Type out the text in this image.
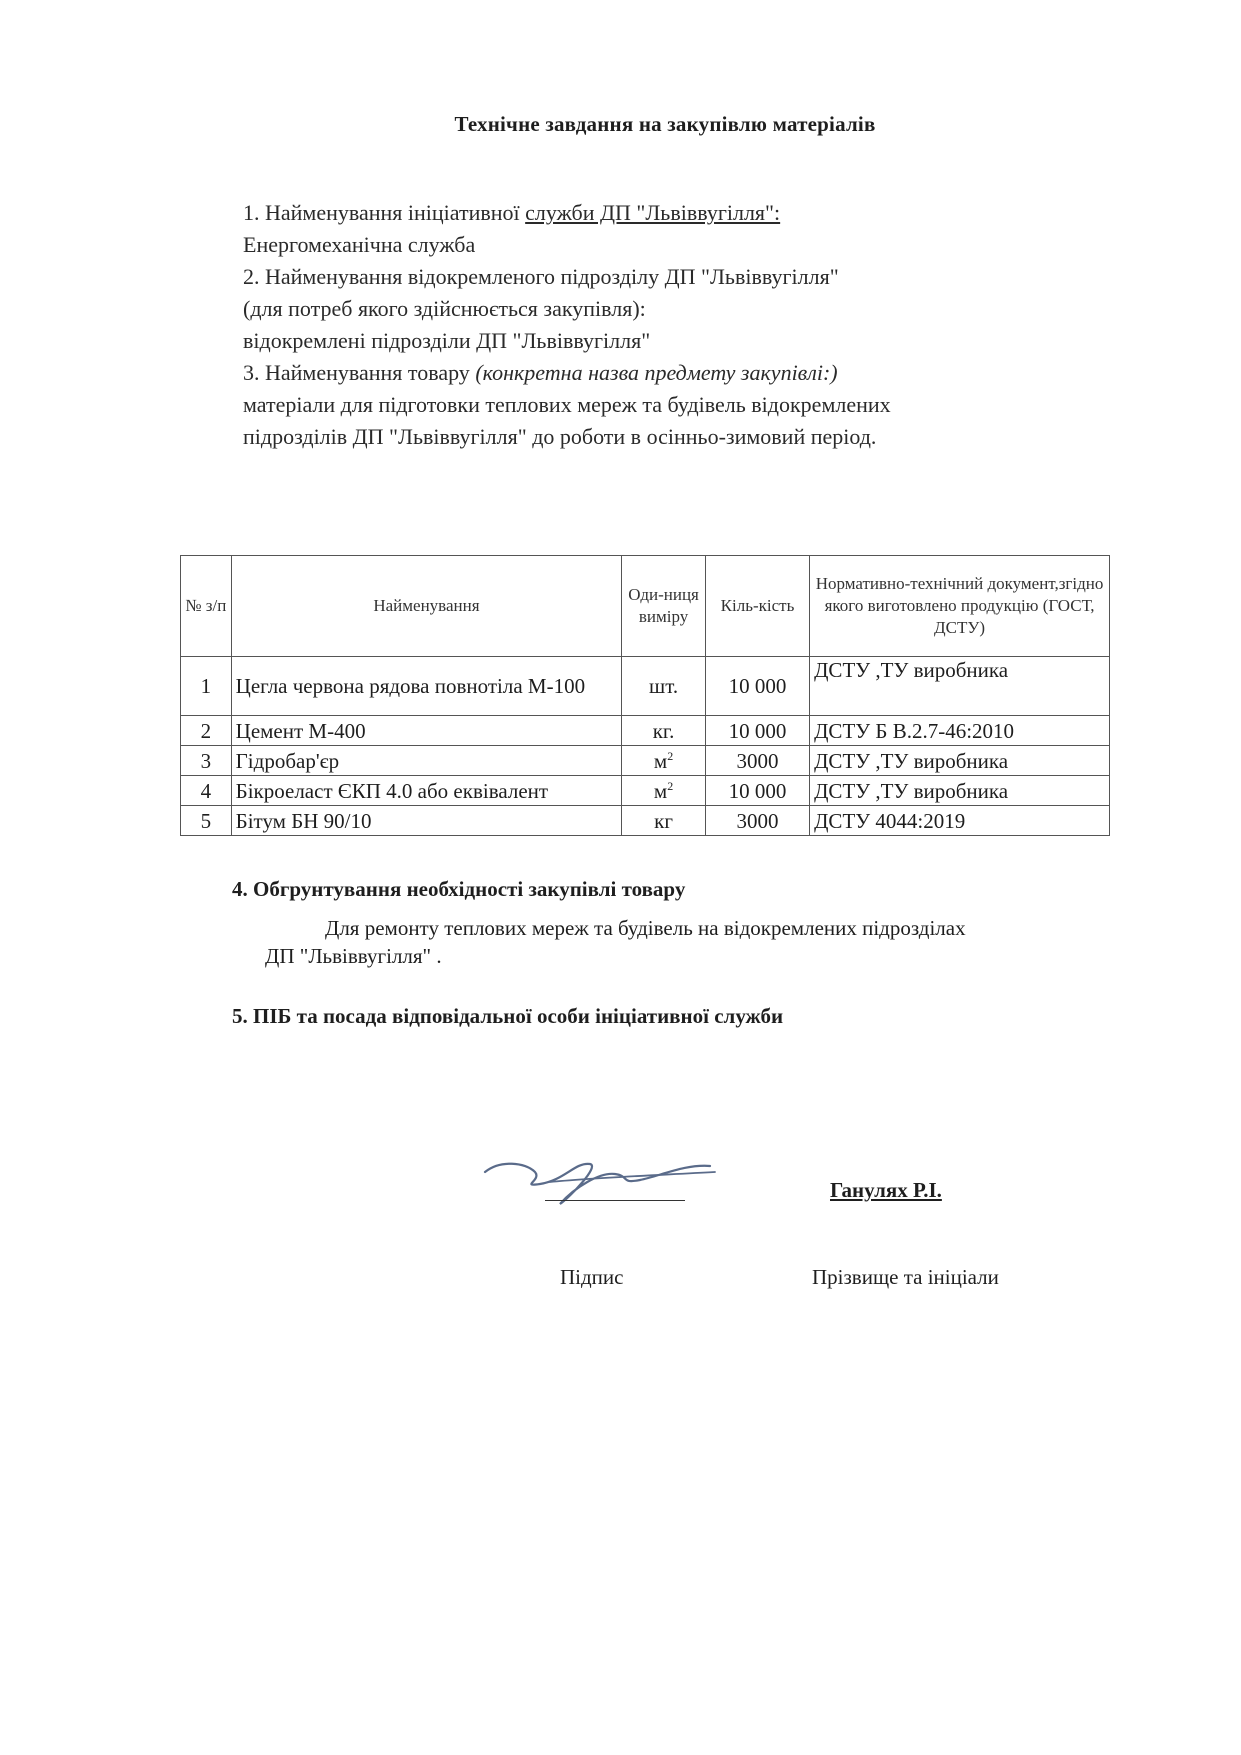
Технічне завдання на закупівлю матеріалів
1. Найменування ініціативної служби ДП "Львіввугілля":
Енергомеханічна служба
2. Найменування відокремленого підрозділу ДП "Львіввугілля"
(для потреб якого здійснюється закупівля):
відокремлені підрозділи ДП "Львіввугілля"
3. Найменування товару (конкретна назва предмету закупівлі:)
матеріали для підготовки теплових мереж та будівель відокремлених
підрозділів ДП "Львіввугілля" до роботи в осінньо-зимовий період.
№ з/п	Найменування	Оди-ниця виміру	Кіль-кість	Нормативно-технічний документ,згідно якого виготовлено продукцію (ГОСТ, ДСТУ)
1	Цегла червона рядова повнотіла М-100	шт.	10 000	ДСТУ ,ТУ виробника
2	Цемент М-400	кг.	10 000	ДСТУ Б В.2.7-46:2010
3	Гідробар'єр	$м^2$	3000	ДСТУ ,ТУ виробника
4	Бікроеласт ЄКП 4.0 або еквівалент	$м^2$	10 000	ДСТУ ,ТУ виробника
5	Бітум БН 90/10	кг	3000	ДСТУ 4044:2019
4. Обгрунтування необхідності закупівлі товару
Для ремонту теплових мереж та будівель на відокремлених підрозділах
ДП "Львіввугілля" .
5. ПІБ та посада відповідальної особи ініціативної служби
Ганулях Р.І.
Підпис	Прізвище та ініціали
